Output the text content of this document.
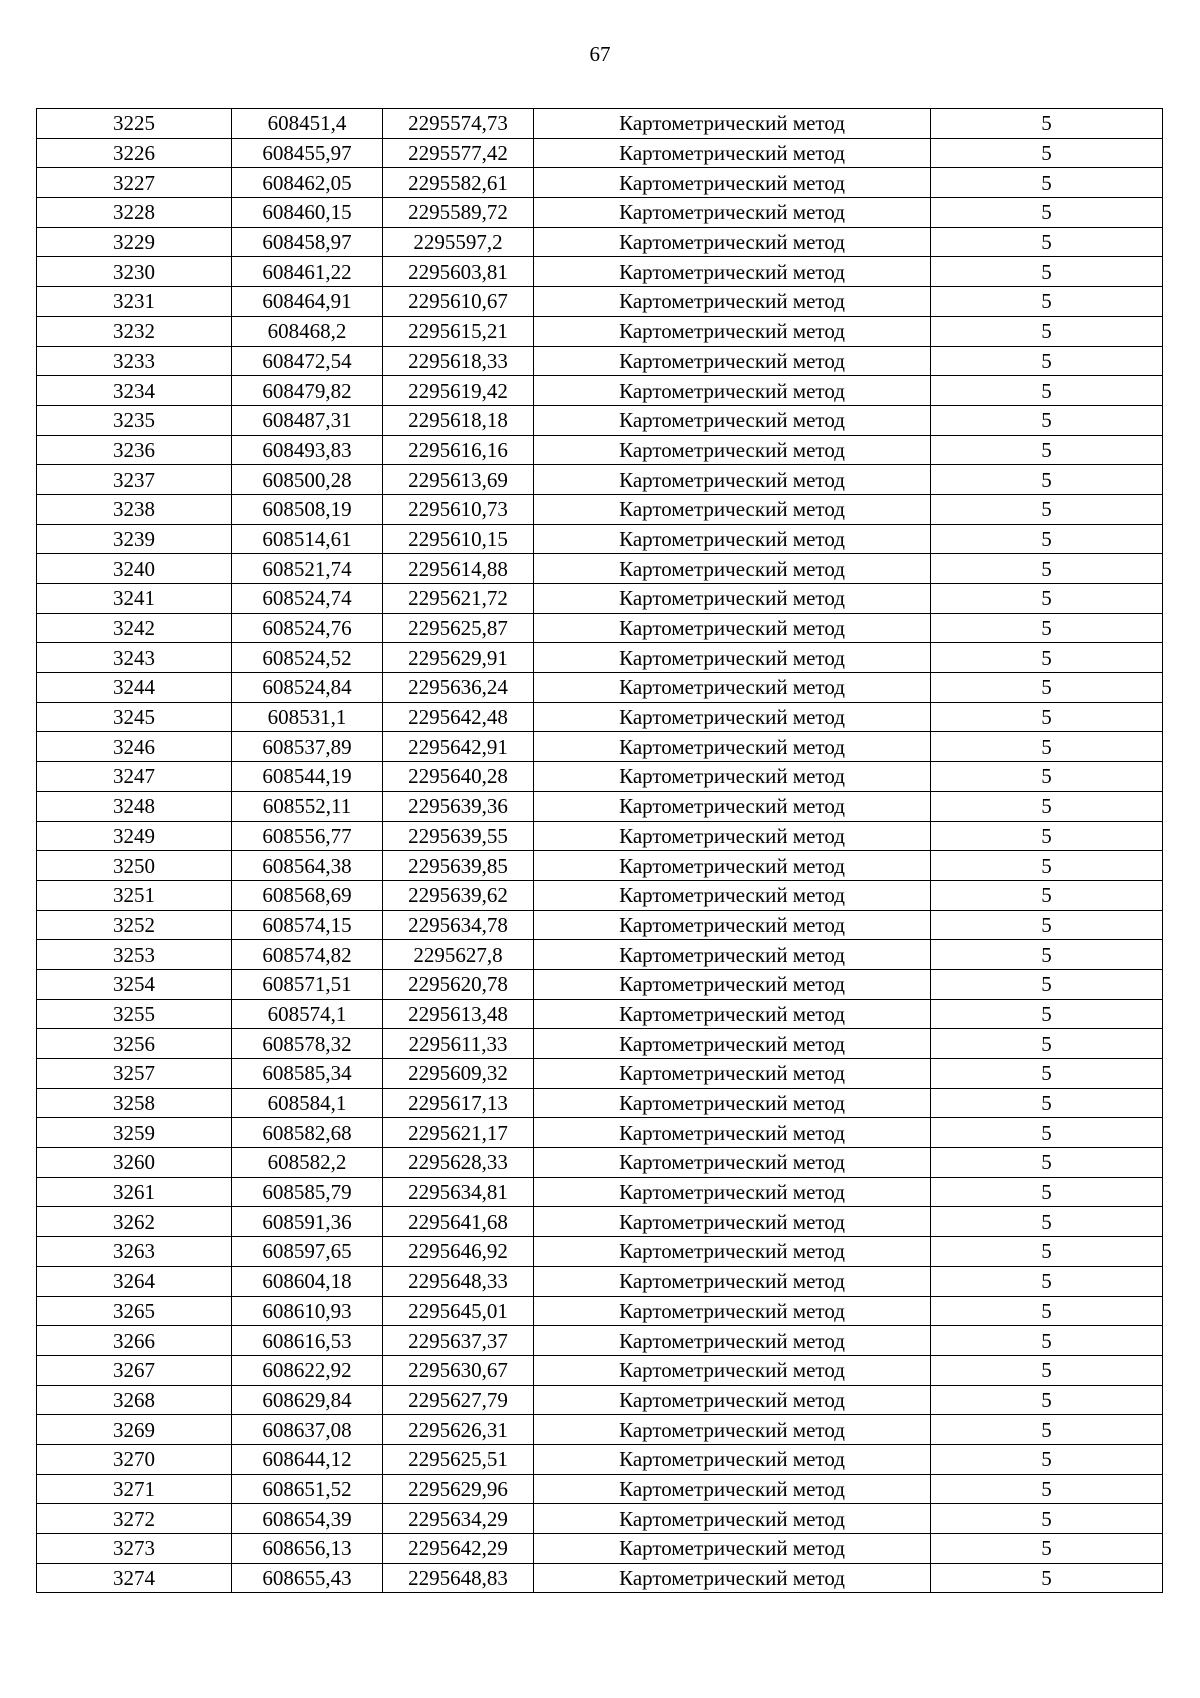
67
3225	608451,4	2295574,73	Картометрический метод	5
3226	608455,97	2295577,42	Картометрический метод	5
3227	608462,05	2295582,61	Картометрический метод	5
3228	608460,15	2295589,72	Картометрический метод	5
3229	608458,97	2295597,2	Картометрический метод	5
3230	608461,22	2295603,81	Картометрический метод	5
3231	608464,91	2295610,67	Картометрический метод	5
3232	608468,2	2295615,21	Картометрический метод	5
3233	608472,54	2295618,33	Картометрический метод	5
3234	608479,82	2295619,42	Картометрический метод	5
3235	608487,31	2295618,18	Картометрический метод	5
3236	608493,83	2295616,16	Картометрический метод	5
3237	608500,28	2295613,69	Картометрический метод	5
3238	608508,19	2295610,73	Картометрический метод	5
3239	608514,61	2295610,15	Картометрический метод	5
3240	608521,74	2295614,88	Картометрический метод	5
3241	608524,74	2295621,72	Картометрический метод	5
3242	608524,76	2295625,87	Картометрический метод	5
3243	608524,52	2295629,91	Картометрический метод	5
3244	608524,84	2295636,24	Картометрический метод	5
3245	608531,1	2295642,48	Картометрический метод	5
3246	608537,89	2295642,91	Картометрический метод	5
3247	608544,19	2295640,28	Картометрический метод	5
3248	608552,11	2295639,36	Картометрический метод	5
3249	608556,77	2295639,55	Картометрический метод	5
3250	608564,38	2295639,85	Картометрический метод	5
3251	608568,69	2295639,62	Картометрический метод	5
3252	608574,15	2295634,78	Картометрический метод	5
3253	608574,82	2295627,8	Картометрический метод	5
3254	608571,51	2295620,78	Картометрический метод	5
3255	608574,1	2295613,48	Картометрический метод	5
3256	608578,32	2295611,33	Картометрический метод	5
3257	608585,34	2295609,32	Картометрический метод	5
3258	608584,1	2295617,13	Картометрический метод	5
3259	608582,68	2295621,17	Картометрический метод	5
3260	608582,2	2295628,33	Картометрический метод	5
3261	608585,79	2295634,81	Картометрический метод	5
3262	608591,36	2295641,68	Картометрический метод	5
3263	608597,65	2295646,92	Картометрический метод	5
3264	608604,18	2295648,33	Картометрический метод	5
3265	608610,93	2295645,01	Картометрический метод	5
3266	608616,53	2295637,37	Картометрический метод	5
3267	608622,92	2295630,67	Картометрический метод	5
3268	608629,84	2295627,79	Картометрический метод	5
3269	608637,08	2295626,31	Картометрический метод	5
3270	608644,12	2295625,51	Картометрический метод	5
3271	608651,52	2295629,96	Картометрический метод	5
3272	608654,39	2295634,29	Картометрический метод	5
3273	608656,13	2295642,29	Картометрический метод	5
3274	608655,43	2295648,83	Картометрический метод	5
